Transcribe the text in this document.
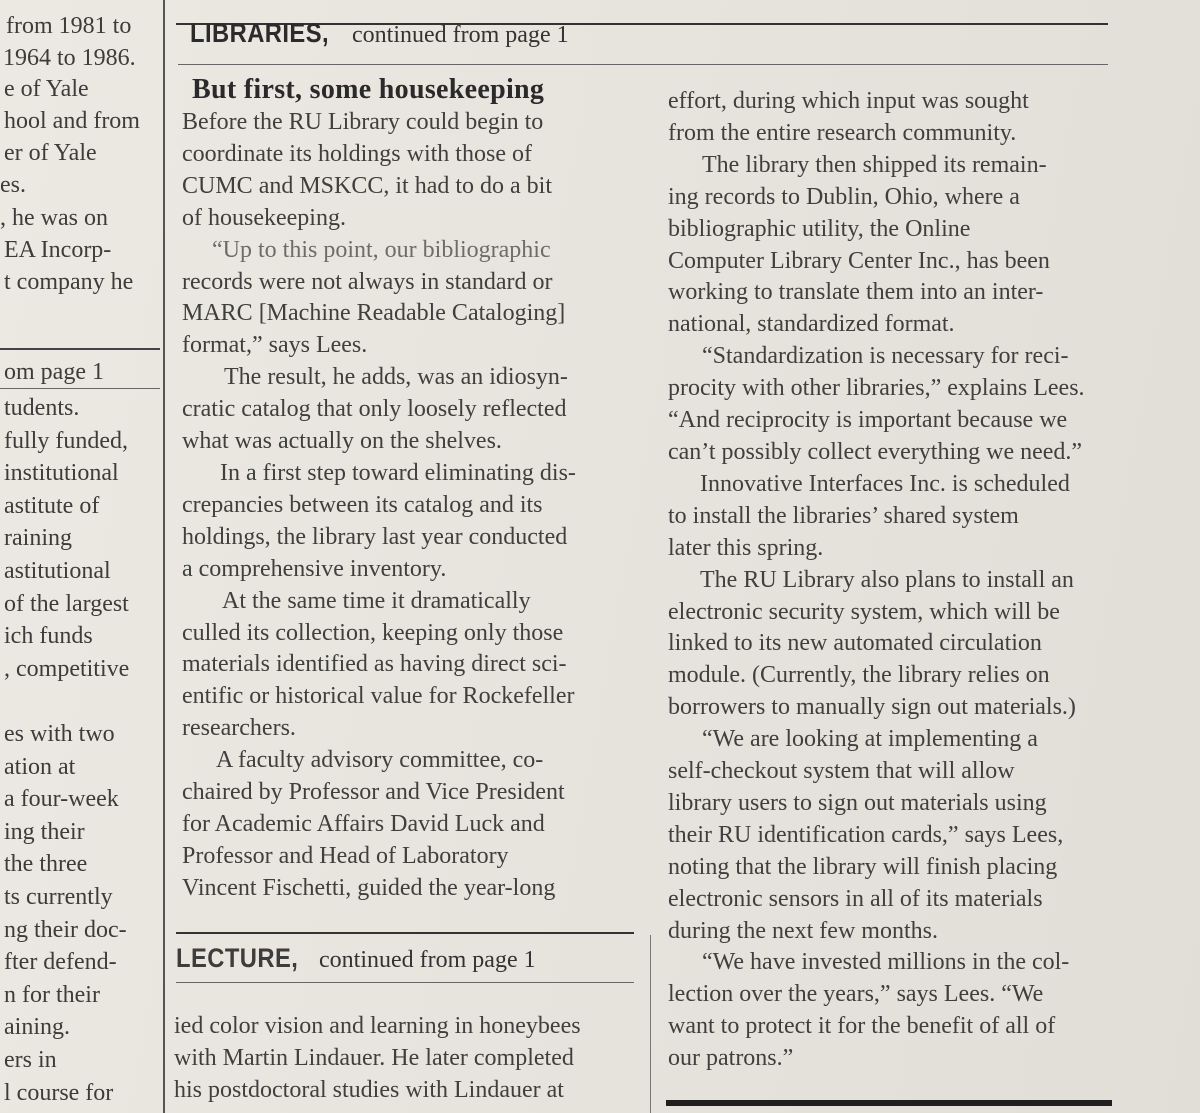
from 1981 to
1964 to 1986.
e of Yale
hool and from
er of Yale
es.
, he was on
EA Incorp-
t company he
om page 1
tudents.
fully funded,
institutional
astitute of
raining
astitutional
of the largest
ich funds
, competitive
es with two
ation at
a four-week
ing their
the three
ts currently
ng their doc-
fter defend-
n for their
aining.
ers in
l course for
LIBRARIES, continued from page 1
But first, some housekeeping
Before the RU Library could begin to
coordinate its holdings with those of
CUMC and MSKCC, it had to do a bit
of housekeeping.
“Up to this point, our bibliographic
records were not always in standard or
MARC [Machine Readable Cataloging]
format,” says Lees.
The result, he adds, was an idiosyn-
cratic catalog that only loosely reflected
what was actually on the shelves.
In a first step toward eliminating dis-
crepancies between its catalog and its
holdings, the library last year conducted
a comprehensive inventory.
At the same time it dramatically
culled its collection, keeping only those
materials identified as having direct sci-
entific or historical value for Rockefeller
researchers.
A faculty advisory committee, co-
chaired by Professor and Vice President
for Academic Affairs David Luck and
Professor and Head of Laboratory
Vincent Fischetti, guided the year-long
effort, during which input was sought
from the entire research community.
The library then shipped its remain-
ing records to Dublin, Ohio, where a
bibliographic utility, the Online
Computer Library Center Inc., has been
working to translate them into an inter-
national, standardized format.
“Standardization is necessary for reci-
procity with other libraries,” explains Lees.
“And reciprocity is important because we
can’t possibly collect everything we need.”
Innovative Interfaces Inc. is scheduled
to install the libraries’ shared system
later this spring.
The RU Library also plans to install an
electronic security system, which will be
linked to its new automated circulation
module. (Currently, the library relies on
borrowers to manually sign out materials.)
“We are looking at implementing a
self-checkout system that will allow
library users to sign out materials using
their RU identification cards,” says Lees,
noting that the library will finish placing
electronic sensors in all of its materials
during the next few months.
“We have invested millions in the col-
lection over the years,” says Lees. “We
want to protect it for the benefit of all of
our patrons.”
LECTURE, continued from page 1
ied color vision and learning in honeybees
with Martin Lindauer. He later completed
his postdoctoral studies with Lindauer at
